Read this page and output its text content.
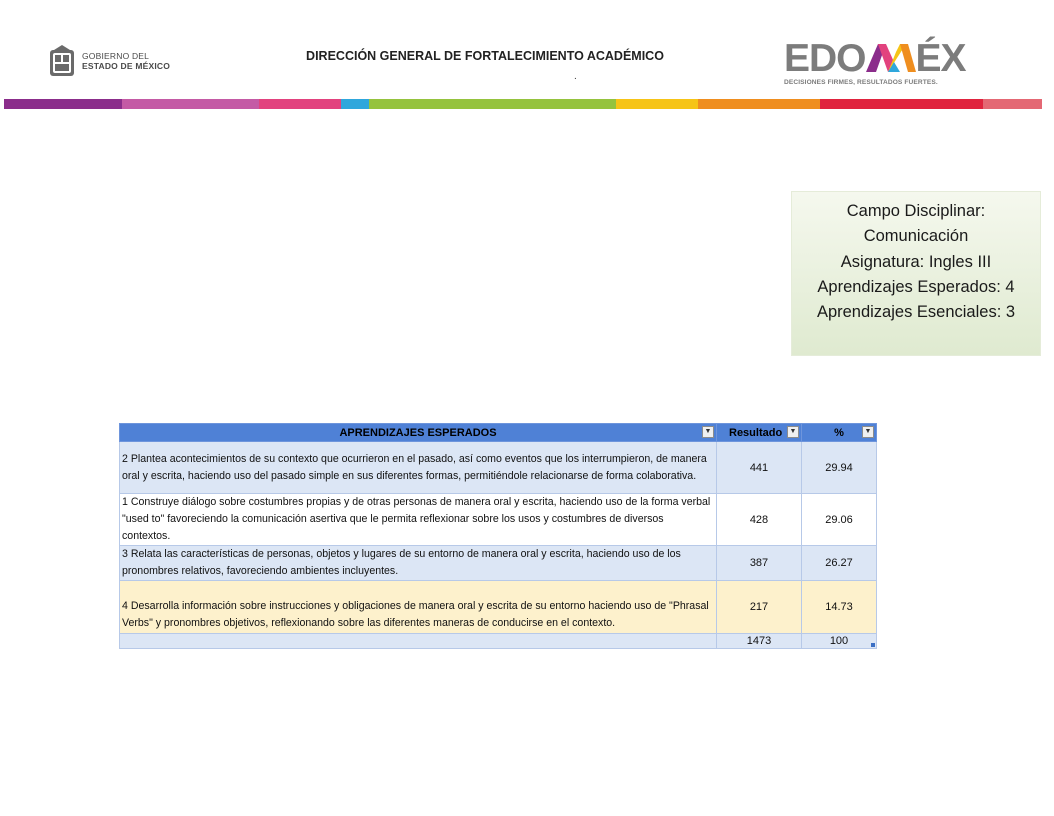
GOBIERNO DEL
ESTADO DE MÉXICO
DIRECCIÓN GENERAL DE FORTALECIMIENTO ACADÉMICO
.	EDO ÉX
DECISIONES FIRMES, RESULTADOS FUERTES.
Campo Disciplinar:
Comunicación
Asignatura: Ingles III
Aprendizajes Esperados: 4
Aprendizajes Esenciales: 3
APRENDIZAJES ESPERADOS ▼	Resultado ▼	% ▼

2 Plantea acontecimientos de su contexto que ocurrieron en el pasado, así como eventos que los interrumpieron, de manera oral y escrita, haciendo uso del pasado simple en sus diferentes formas, permitiéndole relacionarse de forma colaborativa.	441	29.94
1 Construye diálogo sobre costumbres propias y de otras personas de manera oral y escrita, haciendo uso de la forma verbal "used to" favoreciendo la comunicación asertiva que le permita reflexionar sobre los usos y costumbres de diversos contextos.	428	29.06
3 Relata las características de personas, objetos y lugares de su entorno de manera oral y escrita, haciendo uso de los pronombres relativos, favoreciendo ambientes incluyentes.	387	26.27
4 Desarrolla información sobre instrucciones y obligaciones de manera oral y escrita de su entorno haciendo uso de "Phrasal Verbs" y pronombres objetivos, reflexionando sobre las diferentes maneras de conducirse en el contexto.	217	14.73
	1473	100
